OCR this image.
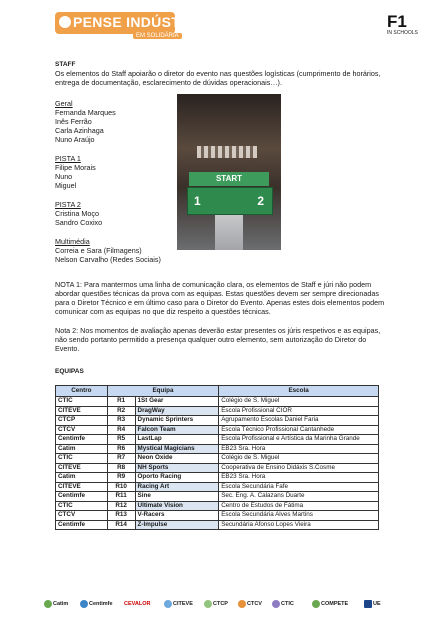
PENSE INDÚSTRIA
EM SOLIDÁRIA
F1
IN SCHOOLS
STAFF
Os elementos do Staff apoiarão o diretor do evento nas questões logísticas (cumprimento de horários,
entrega de documentação, esclarecimento de dúvidas operacionais…).
Geral
Fernanda Marques
Inês Ferrão
Carla Azinhaga
Nuno Araújo
PISTA 1
Filipe Morais
Nuno
Miguel
PISTA 2
Cristina Moço
Sandro Coxixo
Multimédia
Correia e Sara (Filmagens)
Nelson Carvalho (Redes Sociais)
START
1	2
NOTA 1: Para mantermos uma linha de comunicação clara, os elementos de Staff e júri não podem abordar questões técnicas da prova com as equipas. Estas questões devem ser sempre direcionadas para o Diretor Técnico e em último caso para o Diretor do Evento. Apenas estes dois elementos podem comunicar com as equipas no que diz respeito a questões técnicas.
Nota 2: Nos momentos de avaliação apenas deverão estar presentes os júris respetivos e as equipas, não sendo portanto permitido a presença qualquer outro elemento, sem autorização do Diretor do Evento.
EQUIPAS
Centro	Equipa		Escola
CTIC	R1	1St Gear	Colégio de S. Miguel
CITEVE	R2	DragWay	Escola Profissional CIOR
CTCP	R3	Dynamic Sprinters	Agrupamento Escolas Daniel Faria
CTCV	R4	Falcon Team	Escola Técnico Profissional Cantanhede
Centimfe	R5	LastLap	Escola Profissional e Artística da Marinha Grande
Catim	R6	Mystical Magicians	EB23 Sra. Hora
CTIC	R7	Neon Oxide	Colégio de S. Miguel
CITEVE	R8	NH Sports	Cooperativa de Ensino Didáxis S.Cosme
Catim	R9	Oporto Racing	EB23 Sra. Hora
CITEVE	R10	Racing Art	Escola Secundária Fafe
Centimfe	R11	Sine	Sec. Eng. A. Calazans Duarte
CTIC	R12	Ultimate Vision	Centro de Estudos de Fátima
CTCV	R13	V-Racers	Escola Secundária Alves Martins
Centimfe	R14	Z-Impulse	Secundária Afonso Lopes Vieira
Catim	Centimfe CEVALOR	CITEVE	CTCP	CTCV	CTIC	COMPETE	UE
